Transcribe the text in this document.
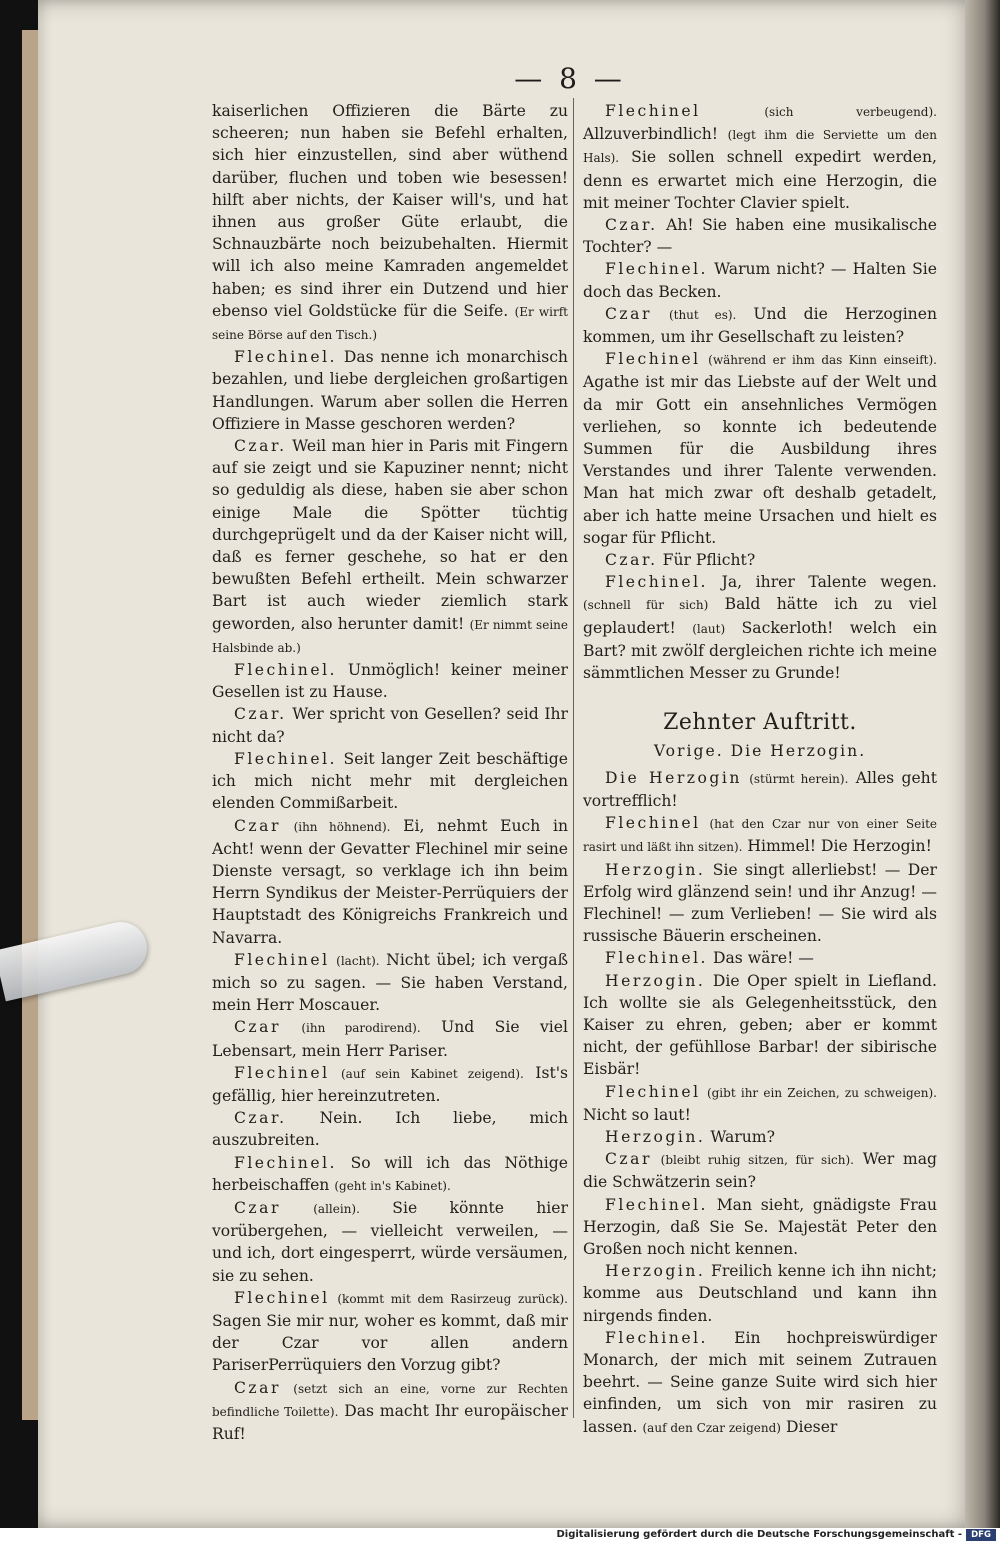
— 8 —

kaiserlichen Offizieren die Bärte zu scheeren; nun haben sie Befehl erhalten, sich hier einzustellen, sind aber wüthend darüber, fluchen und toben wie besessen! hilft aber nichts, der Kaiser will's, und hat ihnen aus großer Güte erlaubt, die Schnauzbärte noch beizubehalten. Hiermit will ich also meine Kamraden angemeldet haben; es sind ihrer ein Dutzend und hier ebenso viel Goldstücke für die Seife. (Er wirft seine Börse auf den Tisch.)

Flechinel. Das nenne ich monarchisch bezahlen, und liebe dergleichen großartigen Handlungen. Warum aber sollen die Herren Offiziere in Masse geschoren werden?

Czar. Weil man hier in Paris mit Fingern auf sie zeigt und sie Kapuziner nennt; nicht so geduldig als diese, haben sie aber schon einige Male die Spötter tüchtig durchgeprügelt und da der Kaiser nicht will, daß es ferner geschehe, so hat er den bewußten Befehl ertheilt. Mein schwarzer Bart ist auch wieder ziemlich stark geworden, also herunter damit! (Er nimmt seine Halsbinde ab.)

Flechinel. Unmöglich! keiner meiner Gesellen ist zu Hause.

Czar. Wer spricht von Gesellen? seid Ihr nicht da?

Flechinel. Seit langer Zeit beschäftige ich mich nicht mehr mit dergleichen elenden Commißarbeit.

Czar (ihn höhnend). Ei, nehmt Euch in Acht! wenn der Gevatter Flechinel mir seine Dienste versagt, so verklage ich ihn beim Herrn Syndikus der Meister-Perrüquiers der Hauptstadt des Königreichs Frankreich und Navarra.

Flechinel (lacht). Nicht übel; ich vergaß mich so zu sagen. — Sie haben Verstand, mein Herr Moscauer.

Czar (ihn parodirend). Und Sie viel Lebensart, mein Herr Pariser.

Flechinel (auf sein Kabinet zeigend). Ist's gefällig, hier hereinzutreten.

Czar. Nein. Ich liebe, mich auszubreiten.

Flechinel. So will ich das Nöthige herbeischaffen (geht in's Kabinet).

Czar	(allein). Sie könnte hier vorübergehen, — vielleicht verweilen, — und ich, dort eingesperrt, würde versäumen, sie zu sehen.

Flechinel (kommt mit dem Rasirzeug zurück). Sagen Sie mir nur, woher es kommt, daß mir der Czar vor allen andern PariserPerrüquiers den Vorzug gibt?

Czar (setzt sich an eine, vorne zur Rechten befindliche Toilette). Das macht Ihr europäischer Ruf!

Flechinel	(sich verbeugend). Allzuverbindlich! (legt ihm die Serviette um den Hals). Sie sollen schnell expedirt werden, denn es erwartet mich eine Herzogin, die mit meiner Tochter Clavier spielt.

Czar. Ah! Sie haben eine musikalische Tochter? —

Flechinel. Warum nicht? — Halten Sie doch das Becken.

Czar (thut es). Und die Herzoginen kommen, um ihr Gesellschaft zu leisten?

Flechinel (während er ihm das Kinn einseift). Agathe ist mir das Liebste auf der Welt und da mir Gott ein ansehnliches Vermögen verliehen, so konnte ich bedeutende Summen für die Ausbildung ihres Verstandes und ihrer Talente verwenden. Man hat mich zwar oft deshalb getadelt, aber ich hatte meine Ursachen und hielt es sogar für Pflicht.

Czar. Für Pflicht?

Flechinel. Ja, ihrer Talente wegen. (schnell für sich) Bald hätte ich zu viel geplaudert! (laut) Sackerloth! welch ein Bart? mit zwölf dergleichen richte ich meine sämmtlichen Messer zu Grunde!

Zehnter Auftritt.
Vorige. Die Herzogin.

Die Herzogin (stürmt herein). Alles geht vortrefflich!

Flechinel (hat den Czar nur von einer Seite rasirt und läßt ihn sitzen). Himmel! Die Herzogin!

Herzogin. Sie singt allerliebst! — Der Erfolg wird glänzend sein! und ihr Anzug! — Flechinel! — zum Verlieben! — Sie wird als russische Bäuerin erscheinen.

Flechinel. Das wäre! —

Herzogin. Die Oper spielt in Liefland. Ich wollte sie als Gelegenheitsstück, den Kaiser zu ehren, geben; aber er kommt nicht, der gefühllose Barbar! der sibirische Eisbär!

Flechinel (gibt ihr ein Zeichen, zu schweigen). Nicht so laut!

Herzogin. Warum?

Czar (bleibt ruhig sitzen, für sich). Wer mag die Schwätzerin sein?

Flechinel. Man sieht, gnädigste Frau Herzogin, daß Sie Se. Majestät Peter den Großen noch nicht kennen.

Herzogin. Freilich kenne ich ihn nicht; komme aus Deutschland und kann ihn nirgends finden.

Flechinel. Ein hochpreiswürdiger Monarch, der mich mit seinem Zutrauen beehrt. — Seine ganze Suite wird sich hier einfinden, um sich von mir rasiren zu lassen. (auf den Czar zeigend) Dieser

Digitalisierung gefördert durch die Deutsche Forschungsgemeinschaft -	DFG
